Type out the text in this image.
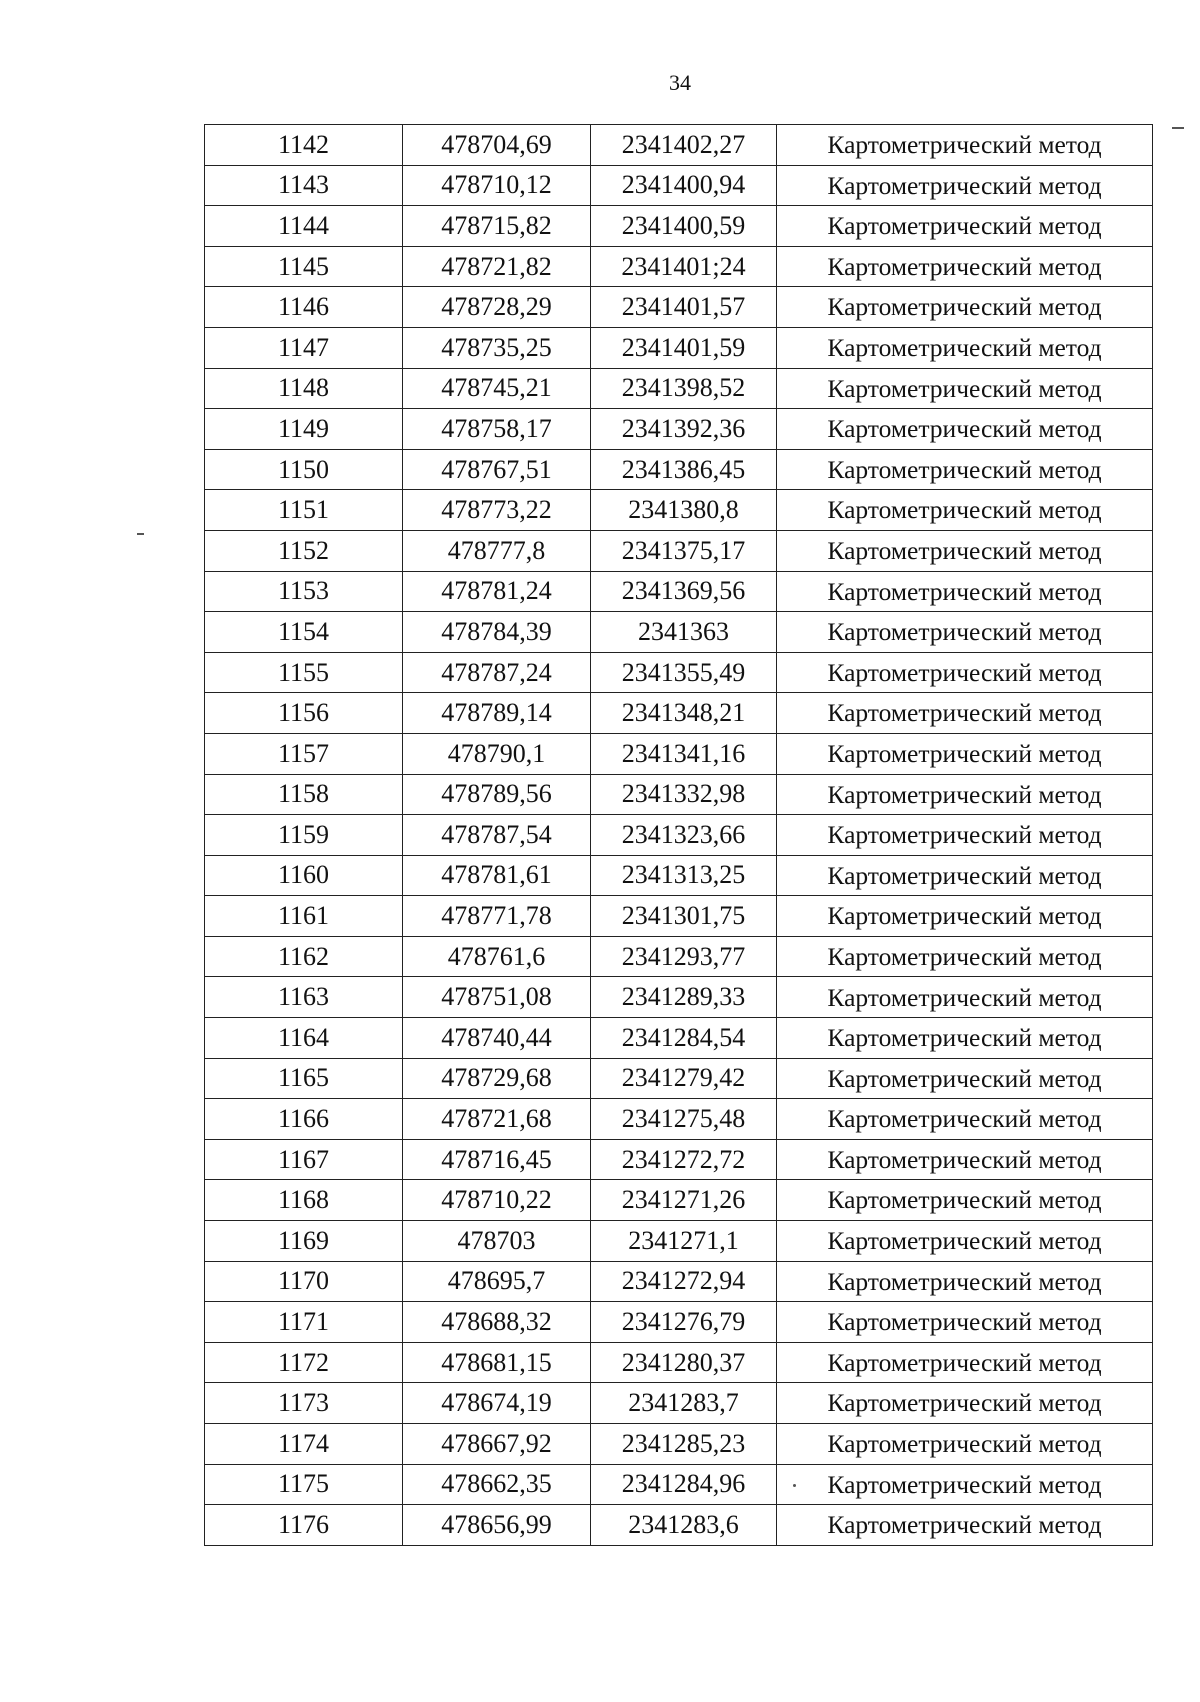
34
1142	478704,69	2341402,27	Картометрический метод
1143	478710,12	2341400,94	Картометрический метод
1144	478715,82	2341400,59	Картометрический метод
1145	478721,82	2341401;24	Картометрический метод
1146	478728,29	2341401,57	Картометрический метод
1147	478735,25	2341401,59	Картометрический метод
1148	478745,21	2341398,52	Картометрический метод
1149	478758,17	2341392,36	Картометрический метод
1150	478767,51	2341386,45	Картометрический метод
1151	478773,22	2341380,8	Картометрический метод
1152	478777,8	2341375,17	Картометрический метод
1153	478781,24	2341369,56	Картометрический метод
1154	478784,39	2341363	Картометрический метод
1155	478787,24	2341355,49	Картометрический метод
1156	478789,14	2341348,21	Картометрический метод
1157	478790,1	2341341,16	Картометрический метод
1158	478789,56	2341332,98	Картометрический метод
1159	478787,54	2341323,66	Картометрический метод
1160	478781,61	2341313,25	Картометрический метод
1161	478771,78	2341301,75	Картометрический метод
1162	478761,6	2341293,77	Картометрический метод
1163	478751,08	2341289,33	Картометрический метод
1164	478740,44	2341284,54	Картометрический метод
1165	478729,68	2341279,42	Картометрический метод
1166	478721,68	2341275,48	Картометрический метод
1167	478716,45	2341272,72	Картометрический метод
1168	478710,22	2341271,26	Картометрический метод
1169	478703	2341271,1	Картометрический метод
1170	478695,7	2341272,94	Картометрический метод
1171	478688,32	2341276,79	Картометрический метод
1172	478681,15	2341280,37	Картометрический метод
1173	478674,19	2341283,7	Картометрический метод
1174	478667,92	2341285,23	Картометрический метод
1175	478662,35	2341284,96	Картометрический метод
1176	478656,99	2341283,6	Картометрический метод
